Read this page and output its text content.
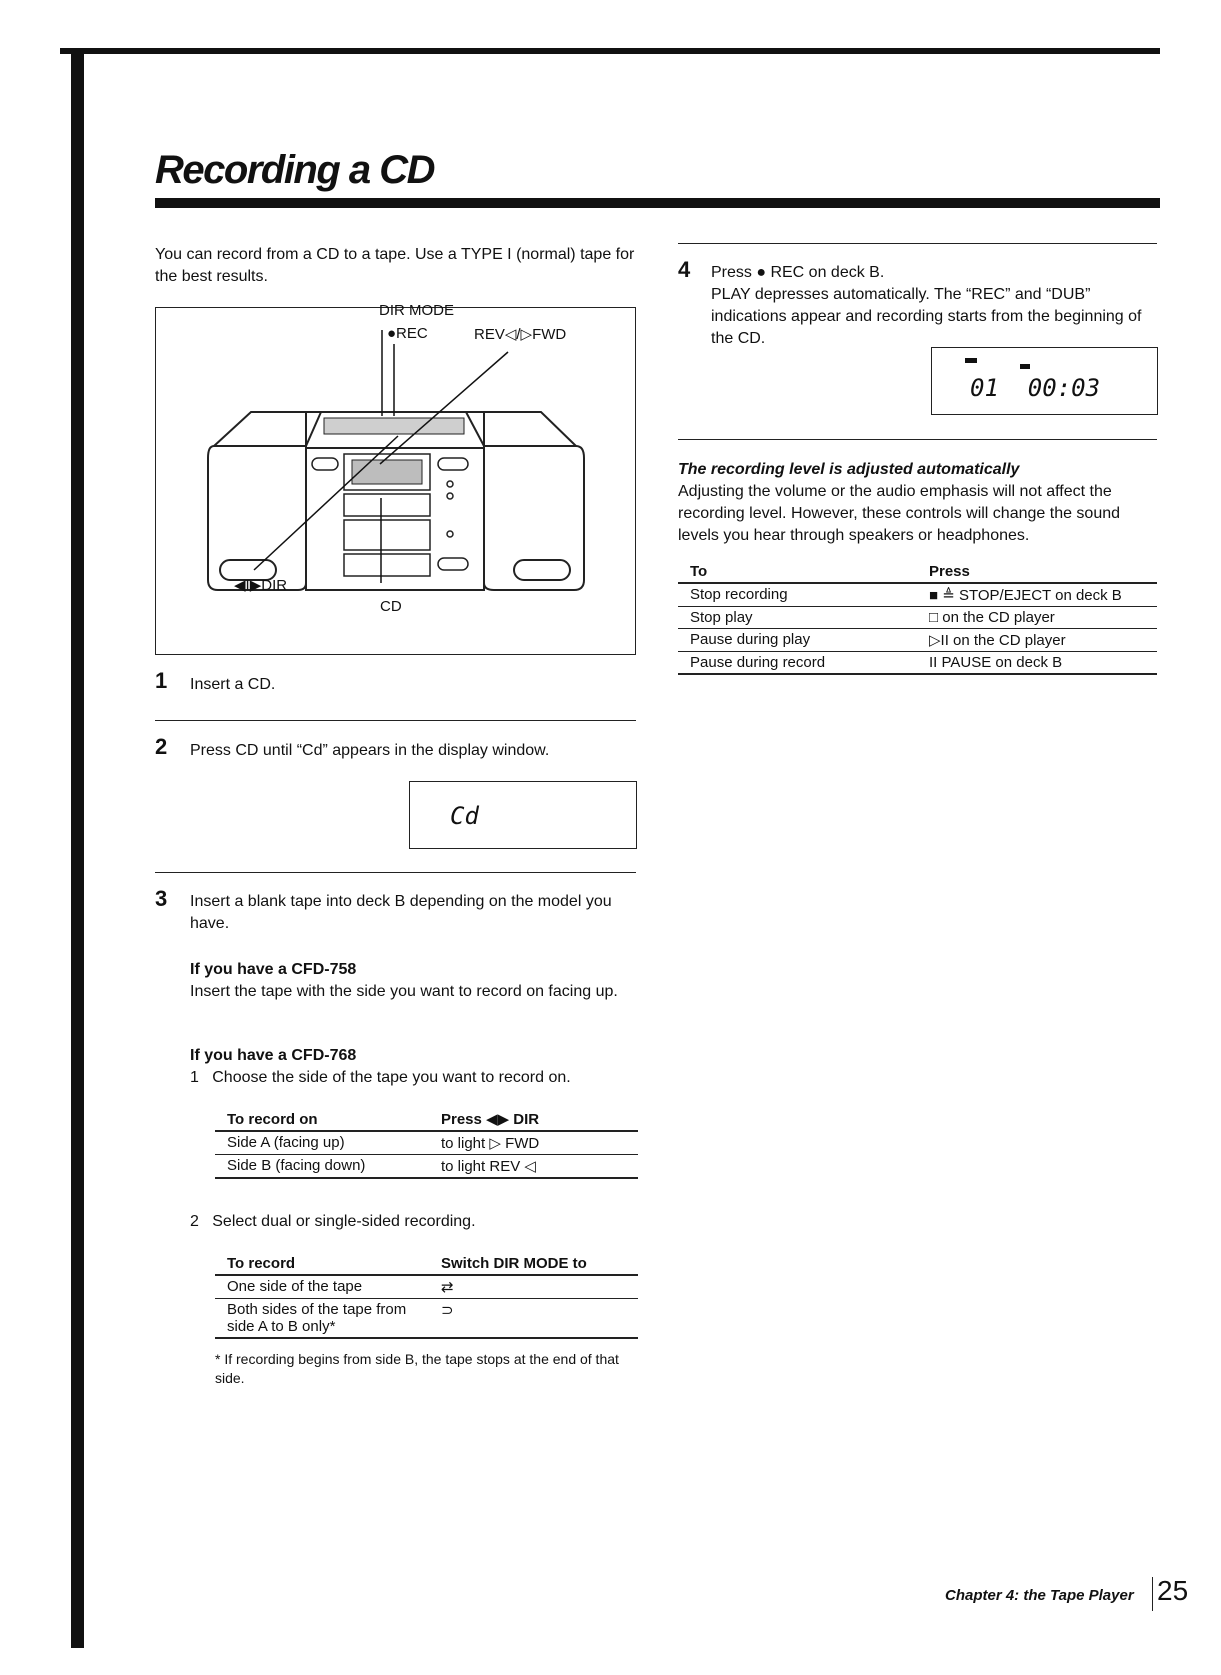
Recording a CD
You can record from a CD to a tape. Use a TYPE I (normal) tape for the best results.
DIR MODE
●REC	REV◁/▷FWD
◀I▶DIR
CD
1 Insert a CD.
2 Press CD until “Cd” appears in the display window.
Cd
3 Insert a blank tape into deck B depending on the model you have.
If you have a CFD-758
Insert the tape with the side you want to record on facing up.
If you have a CFD-768
1 Choose the side of the tape you want to record on.
To record on	Press ◀▶ DIR
Side A (facing up)	to light ▷ FWD
Side B (facing down)	to light REV ◁
2 Select dual or single-sided recording.
To record	Switch DIR MODE to
One side of the tape	⇄
Both sides of the tape from side A to B only*	⊃
* If recording begins from side B, the tape stops at the end of that side.
4 Press ● REC on deck B.
PLAY depresses automatically. The “REC” and “DUB” indications appear and recording starts from the beginning of the CD.
01  00:03
The recording level is adjusted automatically
Adjusting the volume or the audio emphasis will not affect the recording level. However, these controls will change the sound levels you hear through speakers or headphones.
To	Press
Stop recording	■ ≜ STOP/EJECT on deck B
Stop play	□ on the CD player
Pause during play	▷II on the CD player
Pause during record	II PAUSE on deck B
Chapter 4: the Tape Player 25
